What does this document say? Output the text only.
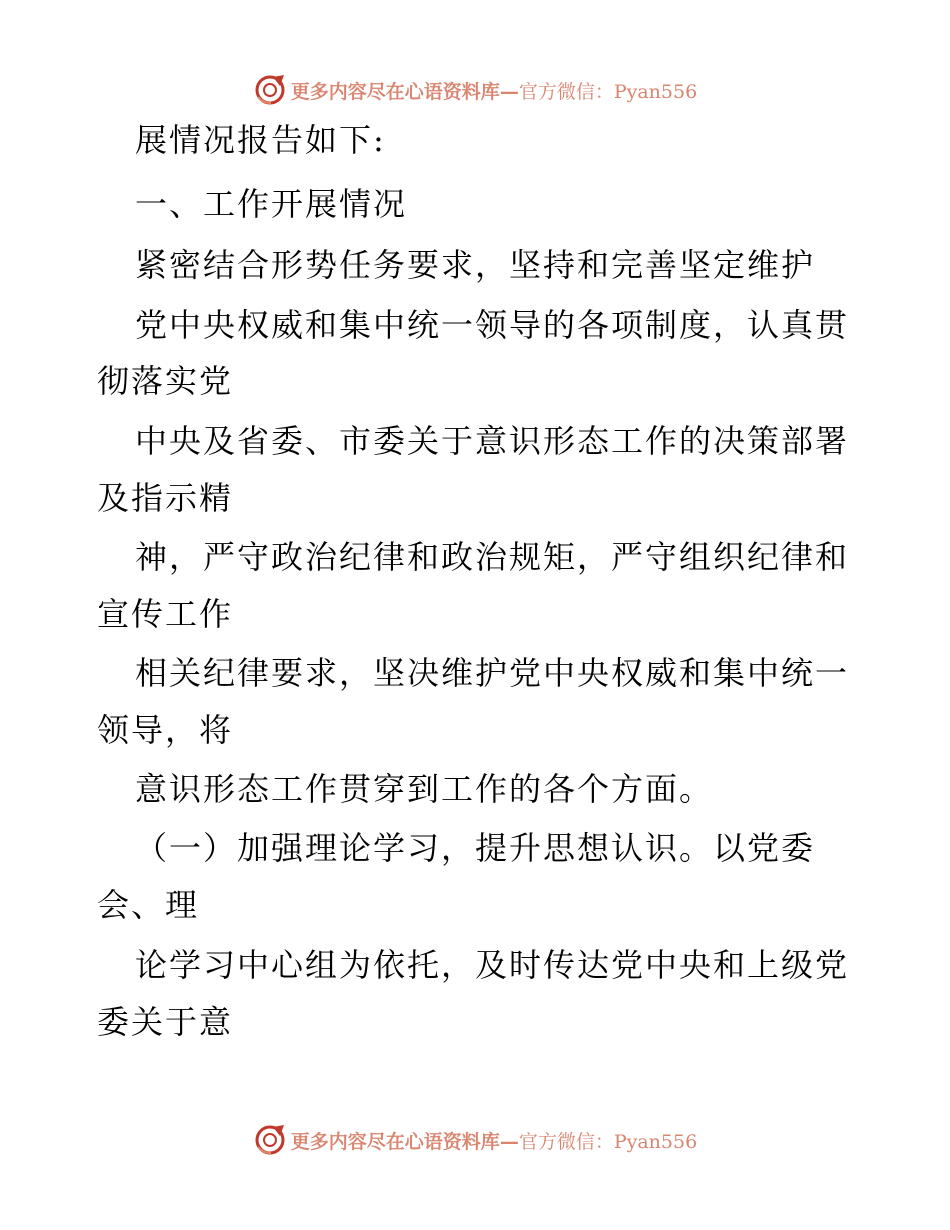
更多内容尽在心语资料库—官方微信：Pyan556
展情况报告如下:
一、工作开展情况
紧密结合形势任务要求，坚持和完善坚定维护
党中央权威和集中统一领导的各项制度，认真贯
彻落实党
中央及省委、市委关于意识形态工作的决策部署
及指示精
神，严守政治纪律和政治规矩，严守组织纪律和
宣传工作
相关纪律要求，坚决维护党中央权威和集中统一
领导，将
意识形态工作贯穿到工作的各个方面。
（一）加强理论学习，提升思想认识。以党委
会、理
论学习中心组为依托，及时传达党中央和上级党
委关于意
更多内容尽在心语资料库—官方微信：Pyan556
